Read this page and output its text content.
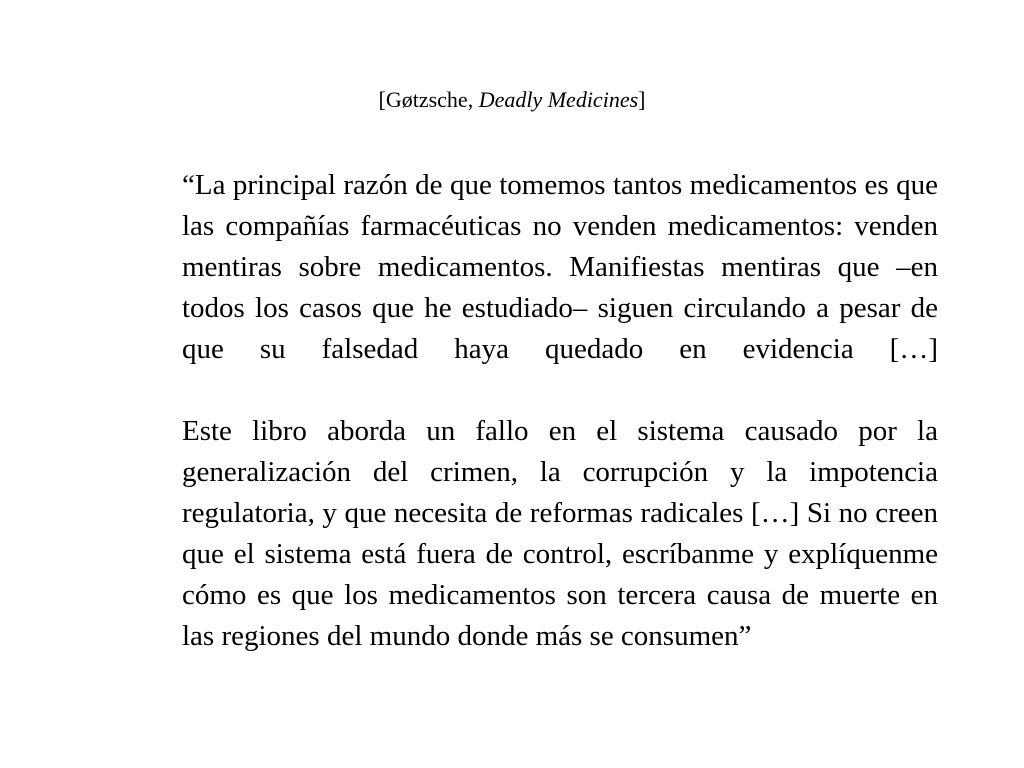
[Gøtzsche, Deadly Medicines]

“La principal razón de que tomemos tantos medicamentos es que las compañías farmacéuticas no venden medicamentos: venden mentiras sobre medicamentos. Manifiestas mentiras que –en todos los casos que he estudiado– siguen circulando a pesar de que su falsedad haya quedado en evidencia […]

Este libro aborda un fallo en el sistema causado por la generalización del crimen, la corrupción y la impotencia regulatoria, y que necesita de reformas radicales […] Si no creen que el sistema está fuera de control, escríbanme y explíquenme cómo es que los medicamentos son tercera causa de muerte en las regiones del mundo donde más se consumen”
